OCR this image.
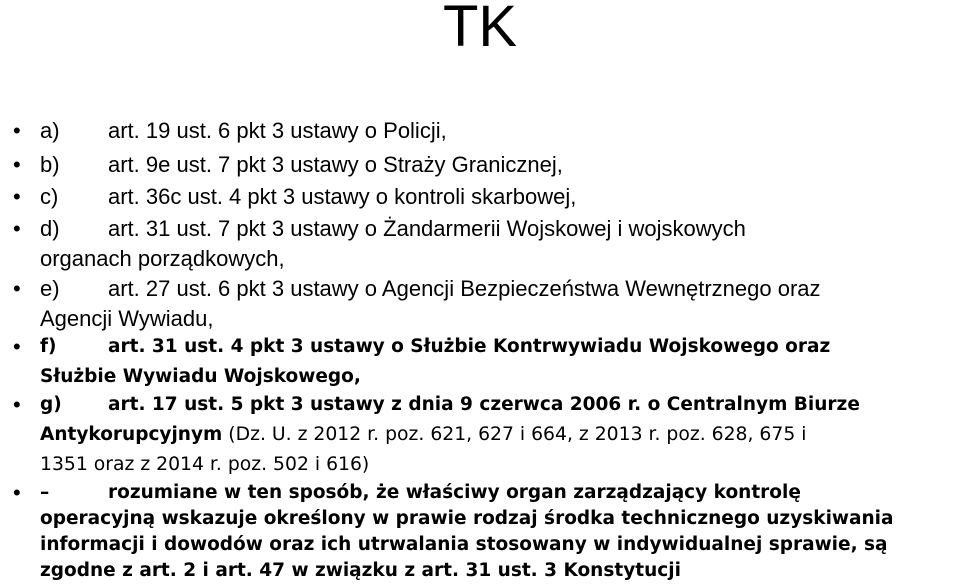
TK
• a) art. 19 ust. 6 pkt 3 ustawy o Policji,
• b) art. 9e ust. 7 pkt 3 ustawy o Straży Granicznej,
• c) art. 36c ust. 4 pkt 3 ustawy o kontroli skarbowej,
• d) art. 31 ust. 7 pkt 3 ustawy o Żandarmerii Wojskowej i wojskowych
organach porządkowych,
• e) art. 27 ust. 6 pkt 3 ustawy o Agencji Bezpieczeństwa Wewnętrznego oraz
Agencji Wywiadu,
• f)	art. 31 ust. 4 pkt 3 ustawy o Służbie Kontrwywiadu Wojskowego oraz
Służbie Wywiadu Wojskowego,
• g)	art. 17 ust. 5 pkt 3 ustawy z dnia 9 czerwca 2006 r. o Centralnym Biurze
Antykorupcyjnym (Dz. U. z 2012 r. poz. 621, 627 i 664, z 2013 r. poz. 628, 675 i
1351 oraz z 2014 r. poz. 502 i 616)
• –	rozumiane w ten sposób, że właściwy organ zarządzający kontrolę
operacyjną wskazuje określony w prawie rodzaj środka technicznego uzyskiwania
informacji i dowodów oraz ich utrwalania stosowany w indywidualnej sprawie, są
zgodne z art. 2 i art. 47 w związku z art. 31 ust. 3 Konstytucji
